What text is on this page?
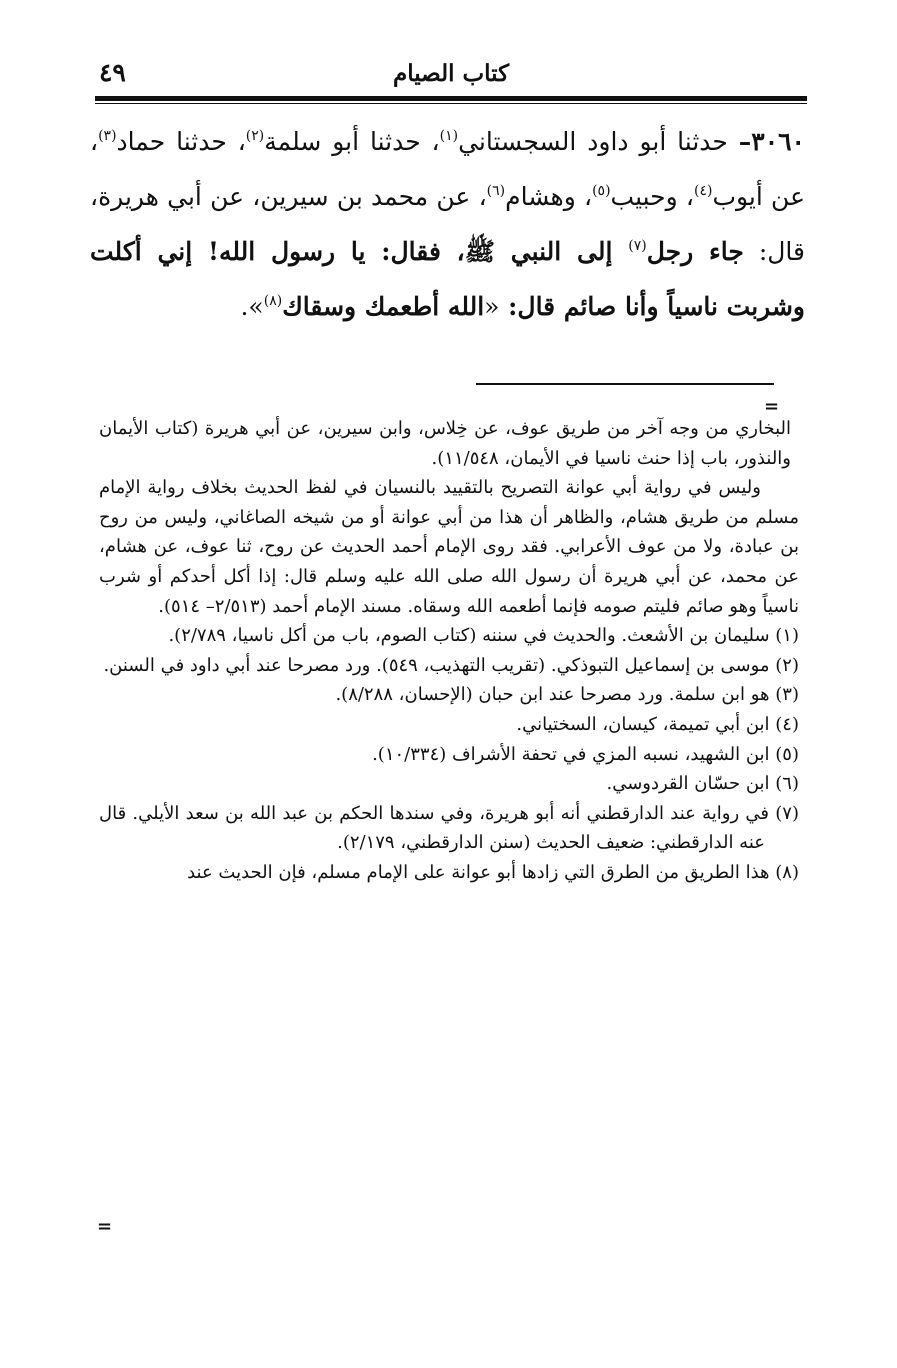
كتاب الصيام
٤٩
٣٠٦٠– حدثنا أبو داود السجستاني$^{(١)}$، حدثنا أبو سلمة$^{(٢)}$، حدثنا حماد$^{(٣)}$، عن أيوب$^{(٤)}$، وحبيب$^{(٥)}$، وهشام$^{(٦)}$، عن محمد بن سيرين، عن أبي هريرة، قال: جاء رجل$^{(٧)}$ إلى النبي ﷺ، فقال: يا رسول الله! إني أكلت وشربت ناسياً وأنا صائم قال: «الله أطعمك وسقاك$^{(٨)}$».
=

البخاري من وجه آخر من طريق عوف، عن خِلاس، وابن سيرين، عن أبي هريرة (كتاب الأيمان والنذور، باب إذا حنث ناسيا في الأيمان، ١١/٥٤٨).

وليس في رواية أبي عوانة التصريح بالتقييد بالنسيان في لفظ الحديث بخلاف رواية الإمام مسلم من طريق هشام، والظاهر أن هذا من أبي عوانة أو من شيخه الصاغاني، وليس من روح بن عبادة، ولا من عوف الأعرابي. فقد روى الإمام أحمد الحديث عن روح، ثنا عوف، عن هشام، عن محمد، عن أبي هريرة أن رسول الله صلى الله عليه وسلم قال: إذا أكل أحدكم أو شرب ناسياً وهو صائم فليتم صومه فإنما أطعمه الله وسقاه. مسند الإمام أحمد (٢/٥١٣– ٥١٤).

(١) سليمان بن الأشعث. والحديث في سننه (كتاب الصوم، باب من أكل ناسيا، ٢/٧٨٩).

(٢) موسى بن إسماعيل التبوذكي. (تقريب التهذيب، ٥٤٩). ورد مصرحا عند أبي داود في السنن.

(٣) هو ابن سلمة. ورد مصرحا عند ابن حبان (الإحسان، ٨/٢٨٨).

(٤) ابن أبي تميمة، كيسان، السختياني.

(٥) ابن الشهيد، نسبه المزي في تحفة الأشراف (١٠/٣٣٤).

(٦) ابن حسّان القردوسي.

(٧) في رواية عند الدارقطني أنه أبو هريرة، وفي سندها الحكم بن عبد الله بن سعد الأيلي. قال عنه الدارقطني: ضعيف الحديث (سنن الدارقطني، ٢/١٧٩).

(٨) هذا الطريق من الطرق التي زادها أبو عوانة على الإمام مسلم، فإن الحديث عند

=
